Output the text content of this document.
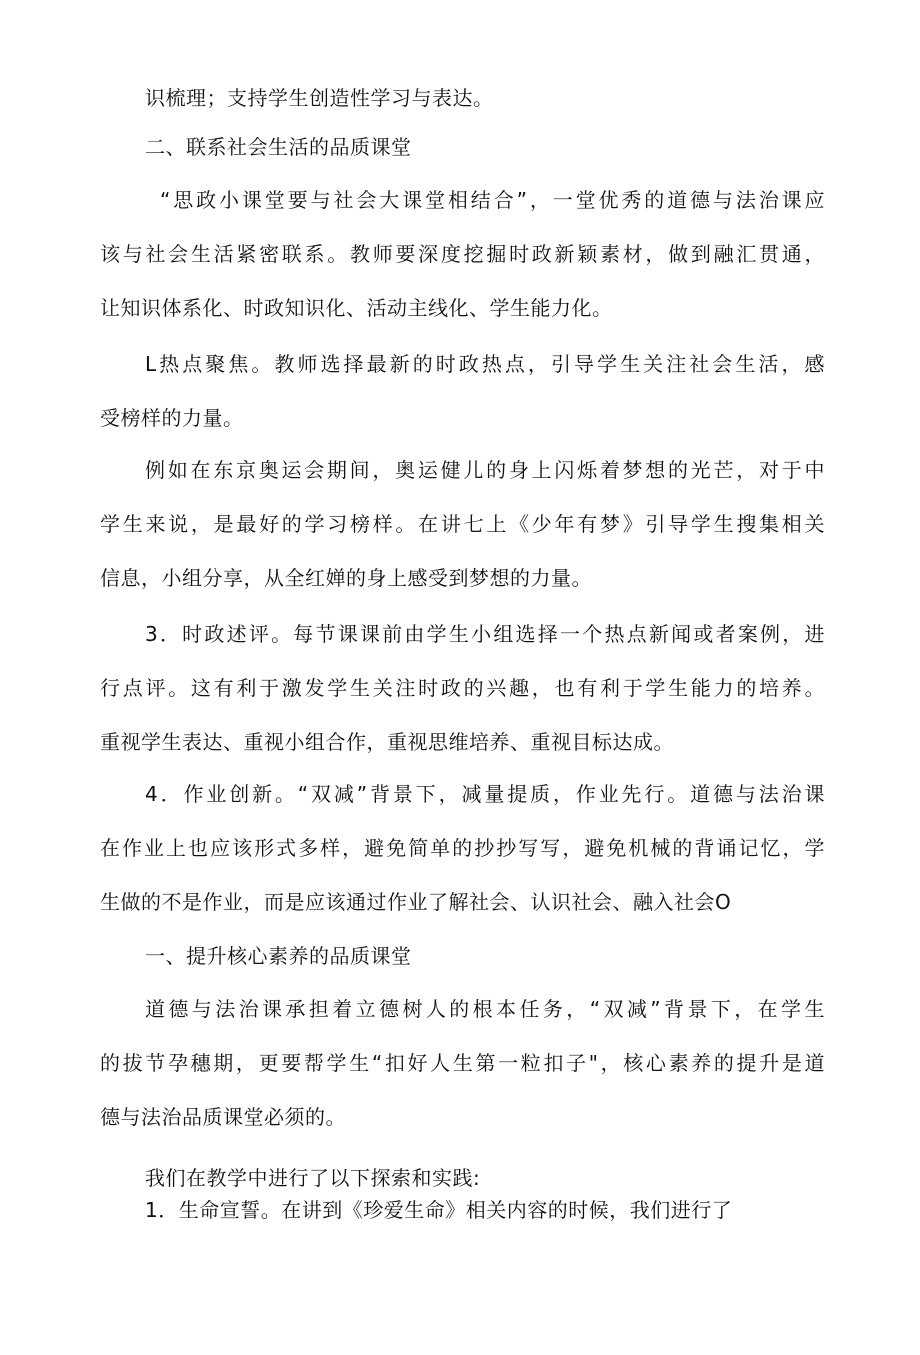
识梳理；支持学生创造性学习与表达。
二、联系社会生活的品质课堂
“思政小课堂要与社会大课堂相结合”，一堂优秀的道德与法治课应
该与社会生活紧密联系。教师要深度挖掘时政新颖素材，做到融汇贯通，
让知识体系化、时政知识化、活动主线化、学生能力化。
L热点聚焦。教师选择最新的时政热点，引导学生关注社会生活，感
受榜样的力量。
例如在东京奥运会期间，奥运健儿的身上闪烁着梦想的光芒，对于中
学生来说，是最好的学习榜样。在讲七上《少年有梦》引导学生搜集相关
信息，小组分享，从全红婵的身上感受到梦想的力量。
3．时政述评。每节课课前由学生小组选择一个热点新闻或者案例，进
行点评。这有利于激发学生关注时政的兴趣，也有利于学生能力的培养。
重视学生表达、重视小组合作，重视思维培养、重视目标达成。
4．作业创新。“双减”背景下，减量提质，作业先行。道德与法治课
在作业上也应该形式多样，避免简单的抄抄写写，避免机械的背诵记忆，学
生做的不是作业，而是应该通过作业了解社会、认识社会、融入社会O
一、提升核心素养的品质课堂
道德与法治课承担着立德树人的根本任务，“双减”背景下，在学生
的拔节孕穗期，更要帮学生“扣好人生第一粒扣子"，核心素养的提升是道
德与法治品质课堂必须的。
我们在教学中进行了以下探索和实践:
1．生命宣誓。在讲到《珍爱生命》相关内容的时候，我们进行了
